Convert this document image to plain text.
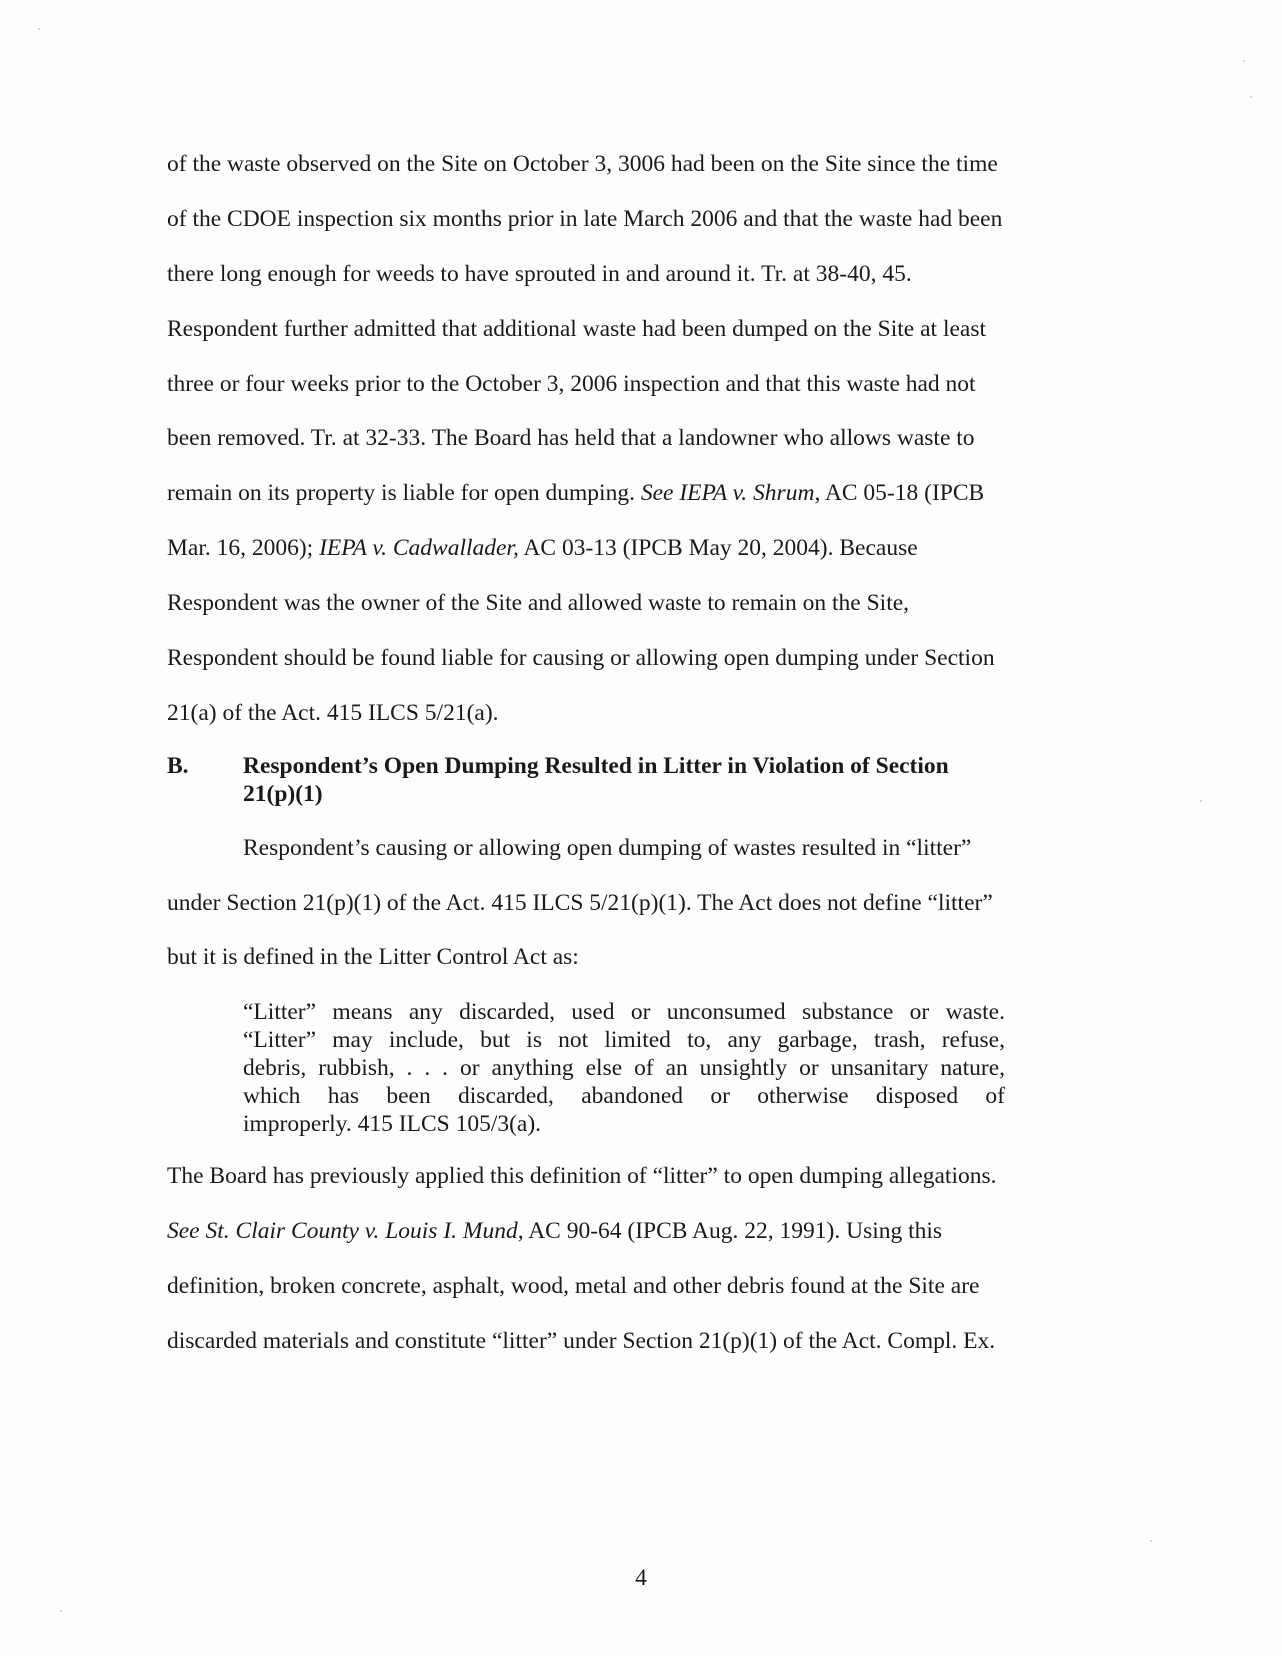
of the waste observed on the Site on October 3, 3006 had been on the Site since the time
of the CDOE inspection six months prior in late March 2006 and that the waste had been
there long enough for weeds to have sprouted in and around it. Tr. at 38-40, 45.
Respondent further admitted that additional waste had been dumped on the Site at least
three or four weeks prior to the October 3, 2006 inspection and that this waste had not
been removed. Tr. at 32-33. The Board has held that a landowner who allows waste to
remain on its property is liable for open dumping. See IEPA v. Shrum, AC 05-18 (IPCB
Mar. 16, 2006); IEPA v. Cadwallader, AC 03-13 (IPCB May 20, 2004). Because
Respondent was the owner of the Site and allowed waste to remain on the Site,
Respondent should be found liable for causing or allowing open dumping under Section
21(a) of the Act. 415 ILCS 5/21(a).
B. Respondent’s Open Dumping Resulted in Litter in Violation of Section
21(p)(1)
Respondent’s causing or allowing open dumping of wastes resulted in “litter”
under Section 21(p)(1) of the Act. 415 ILCS 5/21(p)(1). The Act does not define “litter”
but it is defined in the Litter Control Act as:
“Litter” means any discarded, used or unconsumed substance or waste.
“Litter” may include, but is not limited to, any garbage, trash, refuse,
debris, rubbish, . . . or anything else of an unsightly or unsanitary nature,
which has been discarded, abandoned or otherwise disposed of
improperly. 415 ILCS 105/3(a).
The Board has previously applied this definition of “litter” to open dumping allegations.
See St. Clair County v. Louis I. Mund, AC 90-64 (IPCB Aug. 22, 1991). Using this
definition, broken concrete, asphalt, wood, metal and other debris found at the Site are
discarded materials and constitute “litter” under Section 21(p)(1) of the Act. Compl. Ex.
4
